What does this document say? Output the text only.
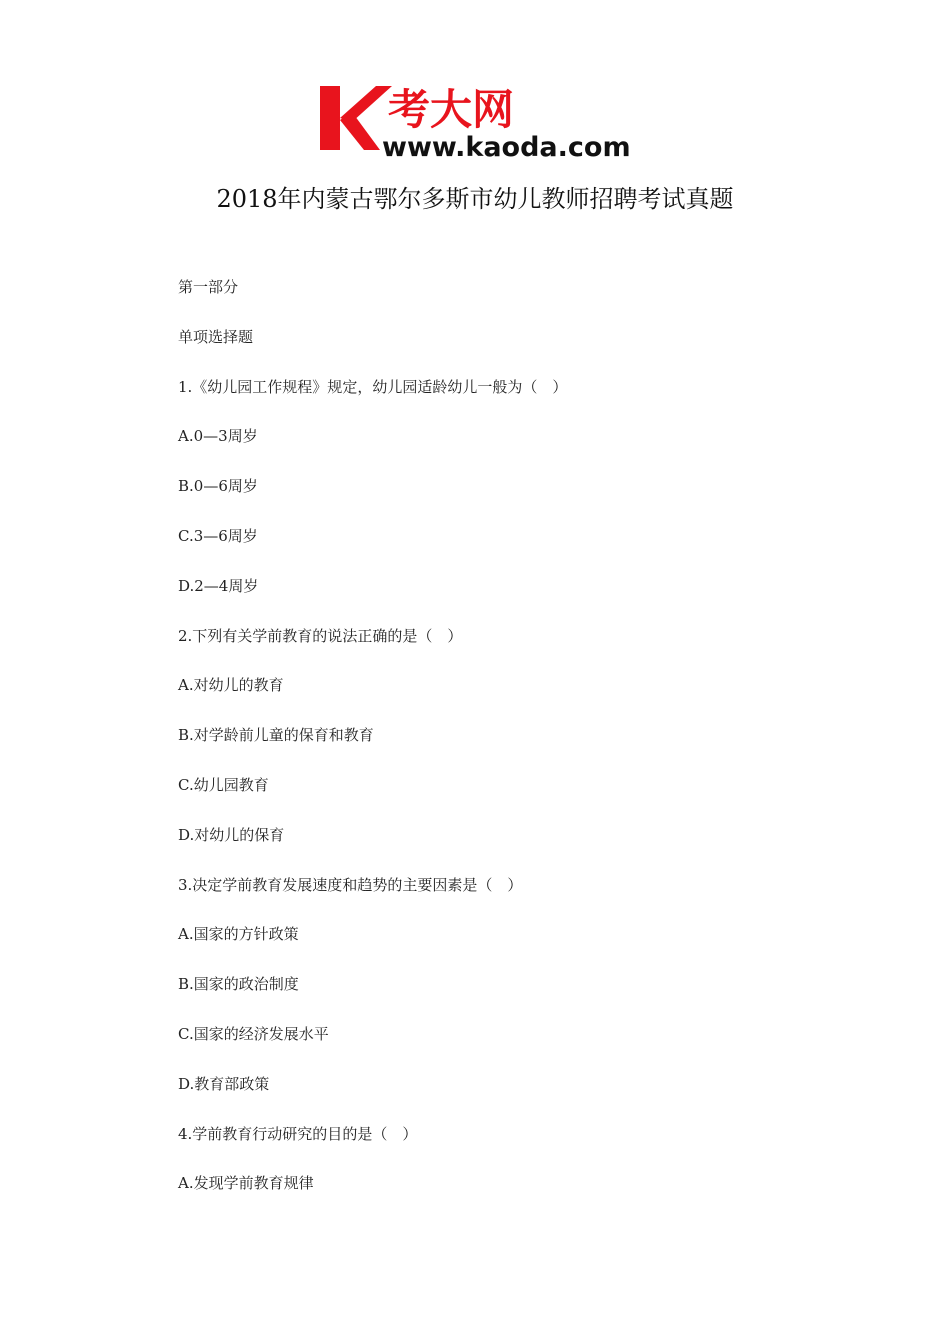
考大网
www.kaoda.com
2018年内蒙古鄂尔多斯市幼儿教师招聘考试真题
第一部分
单项选择题
1.《幼儿园工作规程》规定，幼儿园适龄幼儿一般为（　）
A.0—3周岁
B.0—6周岁
C.3—6周岁
D.2—4周岁
2.下列有关学前教育的说法正确的是（　）
A.对幼儿的教育
B.对学龄前儿童的保育和教育
C.幼儿园教育
D.对幼儿的保育
3.决定学前教育发展速度和趋势的主要因素是（　）
A.国家的方针政策
B.国家的政治制度
C.国家的经济发展水平
D.教育部政策
4.学前教育行动研究的目的是（　）
A.发现学前教育规律
